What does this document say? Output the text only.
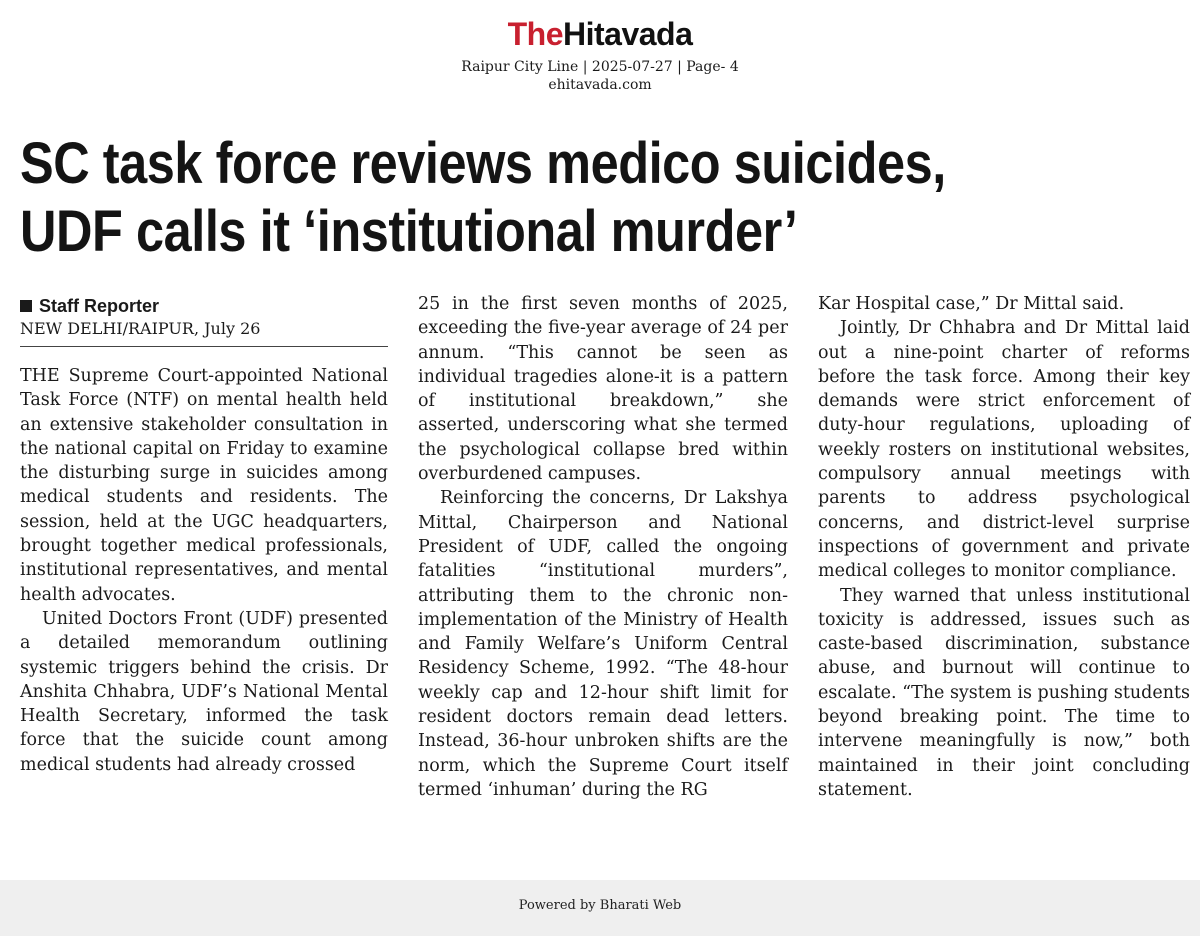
TheHitavada
Raipur City Line | 2025-07-27 | Page- 4
ehitavada.com
SC task force reviews medico suicides,
UDF calls it ‘institutional murder’
Staff Reporter
NEW DELHI/RAIPUR, July 26

THE Supreme Court-appointed National Task Force (NTF) on mental health held an extensive stakeholder consultation in the national capital on Friday to examine the disturbing surge in suicides among medical students and residents. The session, held at the UGC headquarters, brought together medical professionals, institutional representatives, and mental health advocates.

United Doctors Front (UDF) presented a detailed memorandum outlining systemic triggers behind the crisis. Dr Anshita Chhabra, UDF’s National Mental Health Secretary, informed the task force that the suicide count among medical students had already crossed

25 in the first seven months of 2025, exceeding the five-year average of 24 per annum. “This cannot be seen as individual tragedies alone-it is a pattern of institutional breakdown,” she asserted, underscoring what she termed the psychological collapse bred within overburdened campuses.

Reinforcing the concerns, Dr Lakshya Mittal, Chairperson and National President of UDF, called the ongoing fatalities “institutional murders”, attributing them to the chronic non-implementation of the Ministry of Health and Family Welfare’s Uniform Central Residency Scheme, 1992. “The 48-hour weekly cap and 12-hour shift limit for resident doctors remain dead letters. Instead, 36-hour unbroken shifts are the norm, which the Supreme Court itself termed ‘inhuman’ during the RG

Kar Hospital case,” Dr Mittal said.

Jointly, Dr Chhabra and Dr Mittal laid out a nine-point charter of reforms before the task force. Among their key demands were strict enforcement of duty-hour regulations, uploading of weekly rosters on institutional websites, compulsory annual meetings with parents to address psychological concerns, and district-level surprise inspections of government and private medical colleges to monitor compliance.

They warned that unless institutional toxicity is addressed, issues such as caste-based discrimination, substance abuse, and burnout will continue to escalate. “The system is pushing students beyond breaking point. The time to intervene meaningfully is now,” both maintained in their joint concluding statement.

Powered by Bharati Web
